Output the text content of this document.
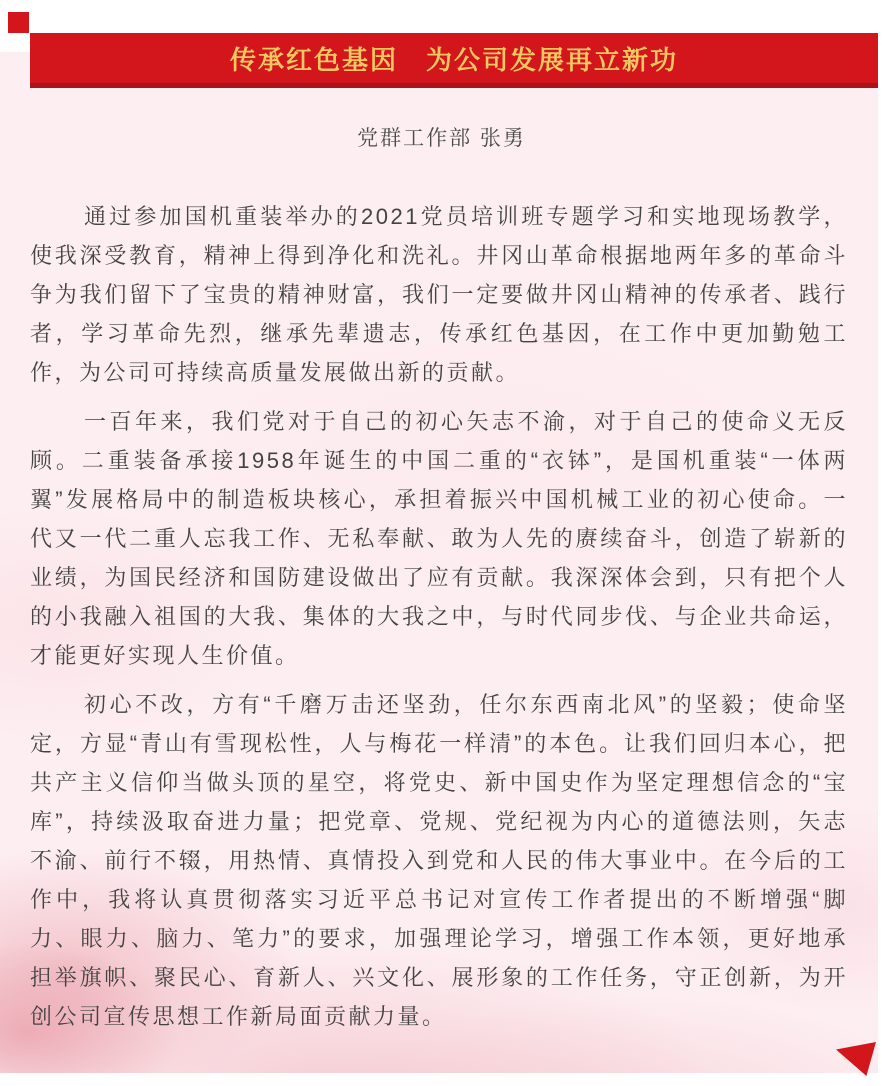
传承红色基因　为公司发展再立新功
党群工作部 张勇

通过参加国机重装举办的2021党员培训班专题学习和实地现场教学，使我深受教育，精神上得到净化和洗礼。井冈山革命根据地两年多的革命斗争为我们留下了宝贵的精神财富，我们一定要做井冈山精神的传承者、践行者，学习革命先烈，继承先辈遗志，传承红色基因，在工作中更加勤勉工作，为公司可持续高质量发展做出新的贡献。

一百年来，我们党对于自己的初心矢志不渝，对于自己的使命义无反顾。二重装备承接1958年诞生的中国二重的“衣钵”，是国机重装“一体两翼”发展格局中的制造板块核心，承担着振兴中国机械工业的初心使命。一代又一代二重人忘我工作、无私奉献、敢为人先的赓续奋斗，创造了崭新的业绩，为国民经济和国防建设做出了应有贡献。我深深体会到，只有把个人的小我融入祖国的大我、集体的大我之中，与时代同步伐、与企业共命运，才能更好实现人生价值。

初心不改，方有“千磨万击还坚劲，任尔东西南北风”的坚毅；使命坚定，方显“青山有雪现松性，人与梅花一样清”的本色。让我们回归本心，把共产主义信仰当做头顶的星空，将党史、新中国史作为坚定理想信念的“宝库”，持续汲取奋进力量；把党章、党规、党纪视为内心的道德法则，矢志不渝、前行不辍，用热情、真情投入到党和人民的伟大事业中。在今后的工作中，我将认真贯彻落实习近平总书记对宣传工作者提出的不断增强“脚力、眼力、脑力、笔力”的要求，加强理论学习，增强工作本领，更好地承担举旗帜、聚民心、育新人、兴文化、展形象的工作任务，守正创新，为开创公司宣传思想工作新局面贡献力量。
